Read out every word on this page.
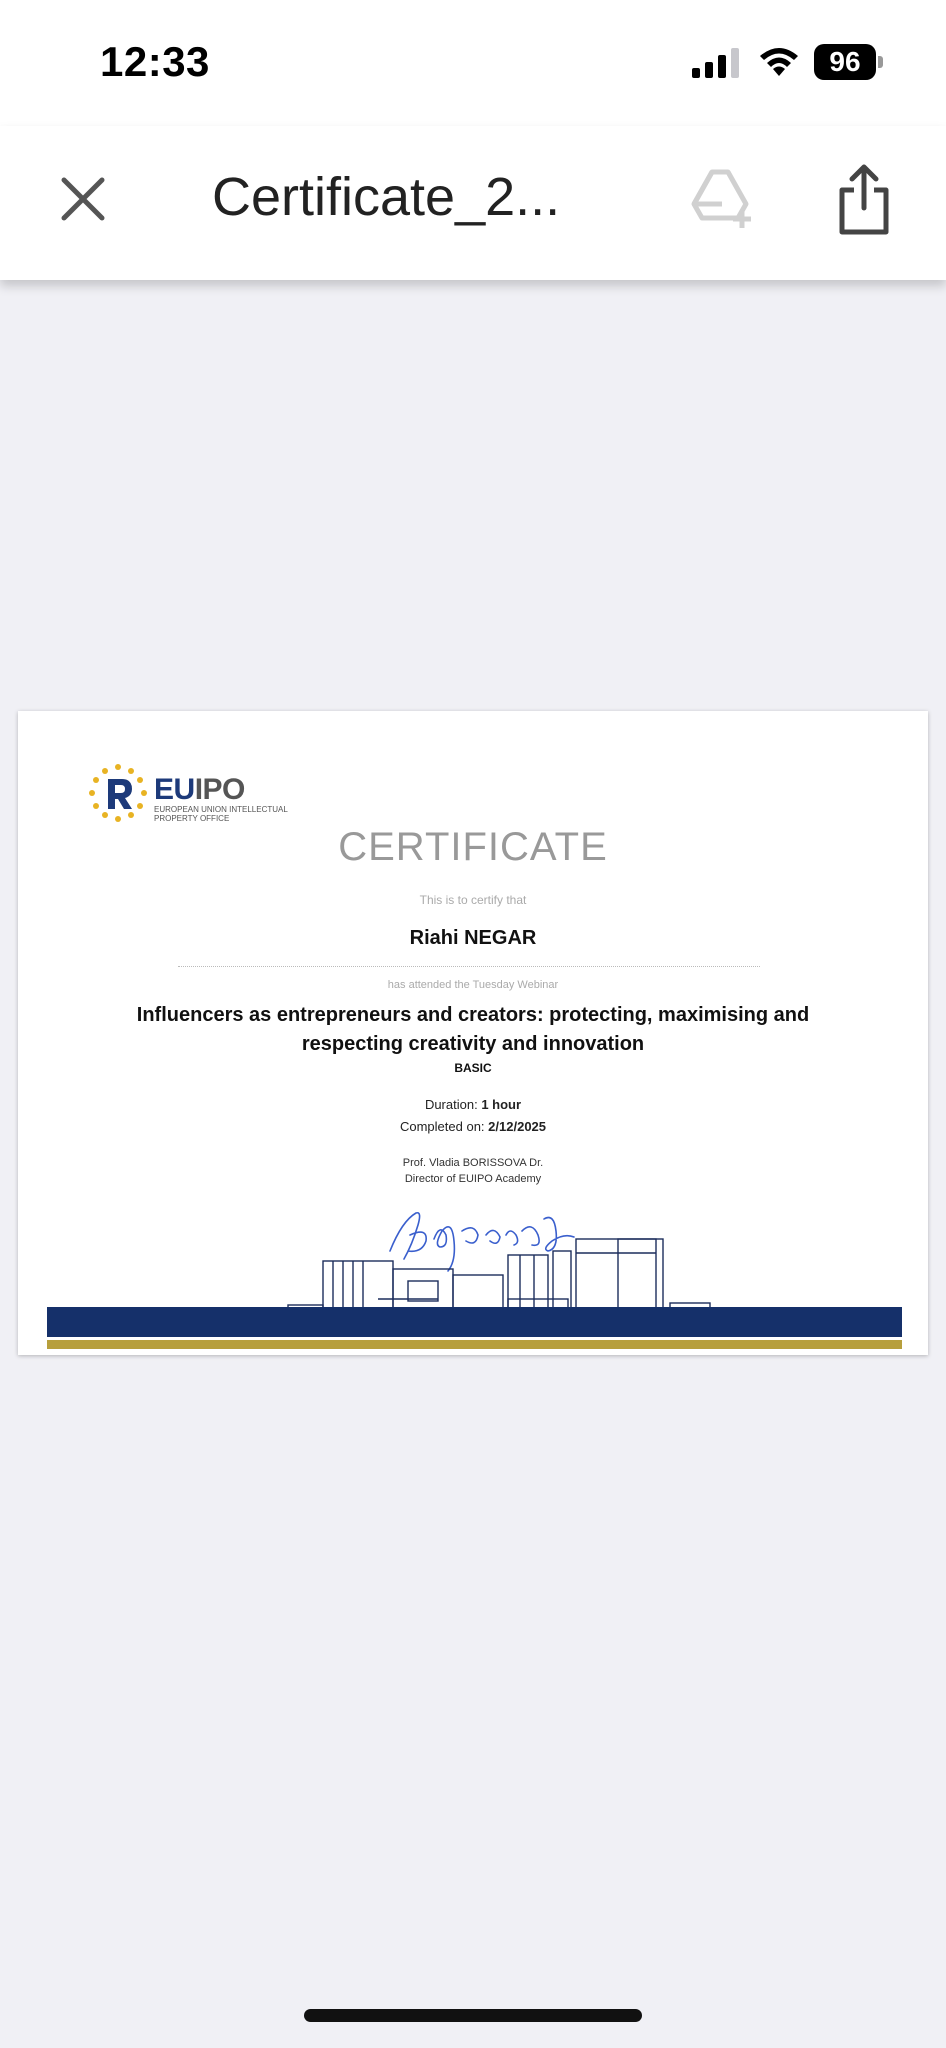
12:33	96
Certificate_2...
EUIPO
EUROPEAN UNION INTELLECTUAL PROPERTY OFFICE
CERTIFICATE
This is to certify that
Riahi NEGAR
has attended the Tuesday Webinar
Influencers as entrepreneurs and creators: protecting, maximising and respecting creativity and innovation
BASIC
Duration: 1 hour
Completed on: 2/12/2025
Prof. Vladia BORISSOVA Dr.
Director of EUIPO Academy
